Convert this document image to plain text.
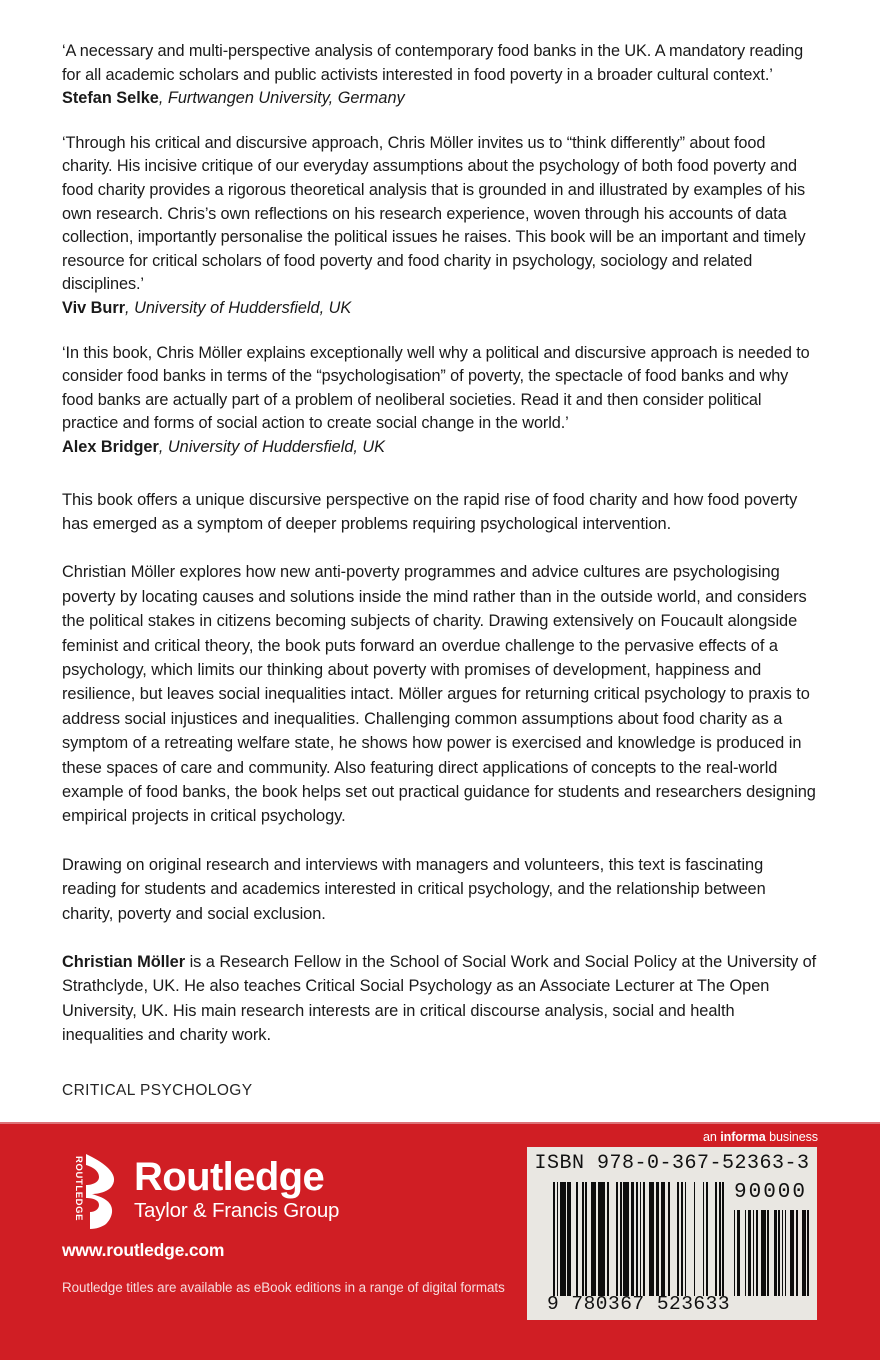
‘A necessary and multi-perspective analysis of contemporary food banks in the UK. A mandatory reading for all academic scholars and public activists interested in food poverty in a broader cultural context.’

Stefan Selke, Furtwangen University, Germany

‘Through his critical and discursive approach, Chris Möller invites us to “think differently” about food charity. His incisive critique of our everyday assumptions about the psychology of both food poverty and food charity provides a rigorous theoretical analysis that is grounded in and illustrated by examples of his own research. Chris’s own reflections on his research experience, woven through his accounts of data collection, importantly personalise the political issues he raises. This book will be an important and timely resource for critical scholars of food poverty and food charity in psychology, sociology and related disciplines.’

Viv Burr, University of Huddersfield, UK

‘In this book, Chris Möller explains exceptionally well why a political and discursive approach is needed to consider food banks in terms of the “psychologisation” of poverty, the spectacle of food banks and why food banks are actually part of a problem of neoliberal societies. Read it and then consider political practice and forms of social action to create social change in the world.’

Alex Bridger, University of Huddersfield, UK

This book offers a unique discursive perspective on the rapid rise of food charity and how food poverty has emerged as a symptom of deeper problems requiring psychological intervention.

Christian Möller explores how new anti-poverty programmes and advice cultures are psychologising poverty by locating causes and solutions inside the mind rather than in the outside world, and considers the political stakes in citizens becoming subjects of charity. Drawing extensively on Foucault alongside feminist and critical theory, the book puts forward an overdue challenge to the pervasive effects of a psychology, which limits our thinking about poverty with promises of development, happiness and resilience, but leaves social inequalities intact. Möller argues for returning critical psychology to praxis to address social injustices and inequalities. Challenging common assumptions about food charity as a symptom of a retreating welfare state, he shows how power is exercised and knowledge is produced in these spaces of care and community. Also featuring direct applications of concepts to the real-world example of food banks, the book helps set out practical guidance for students and researchers designing empirical projects in critical psychology.

Drawing on original research and interviews with managers and volunteers, this text is fascinating reading for students and academics interested in critical psychology, and the relationship between charity, poverty and social exclusion.

Christian Möller is a Research Fellow in the School of Social Work and Social Policy at the University of Strathclyde, UK. He also teaches Critical Social Psychology as an Associate Lecturer at The Open University, UK. His main research interests are in critical discourse analysis, social and health inequalities and charity work.

CRITICAL PSYCHOLOGY

an informa business
ROUTLEDGE Routledge
Taylor & Francis Group
www.routledge.com
Routledge titles are available as eBook editions in a range of digital formats
ISBN 978-0-367-52363-3
90000
9 780367 523633
